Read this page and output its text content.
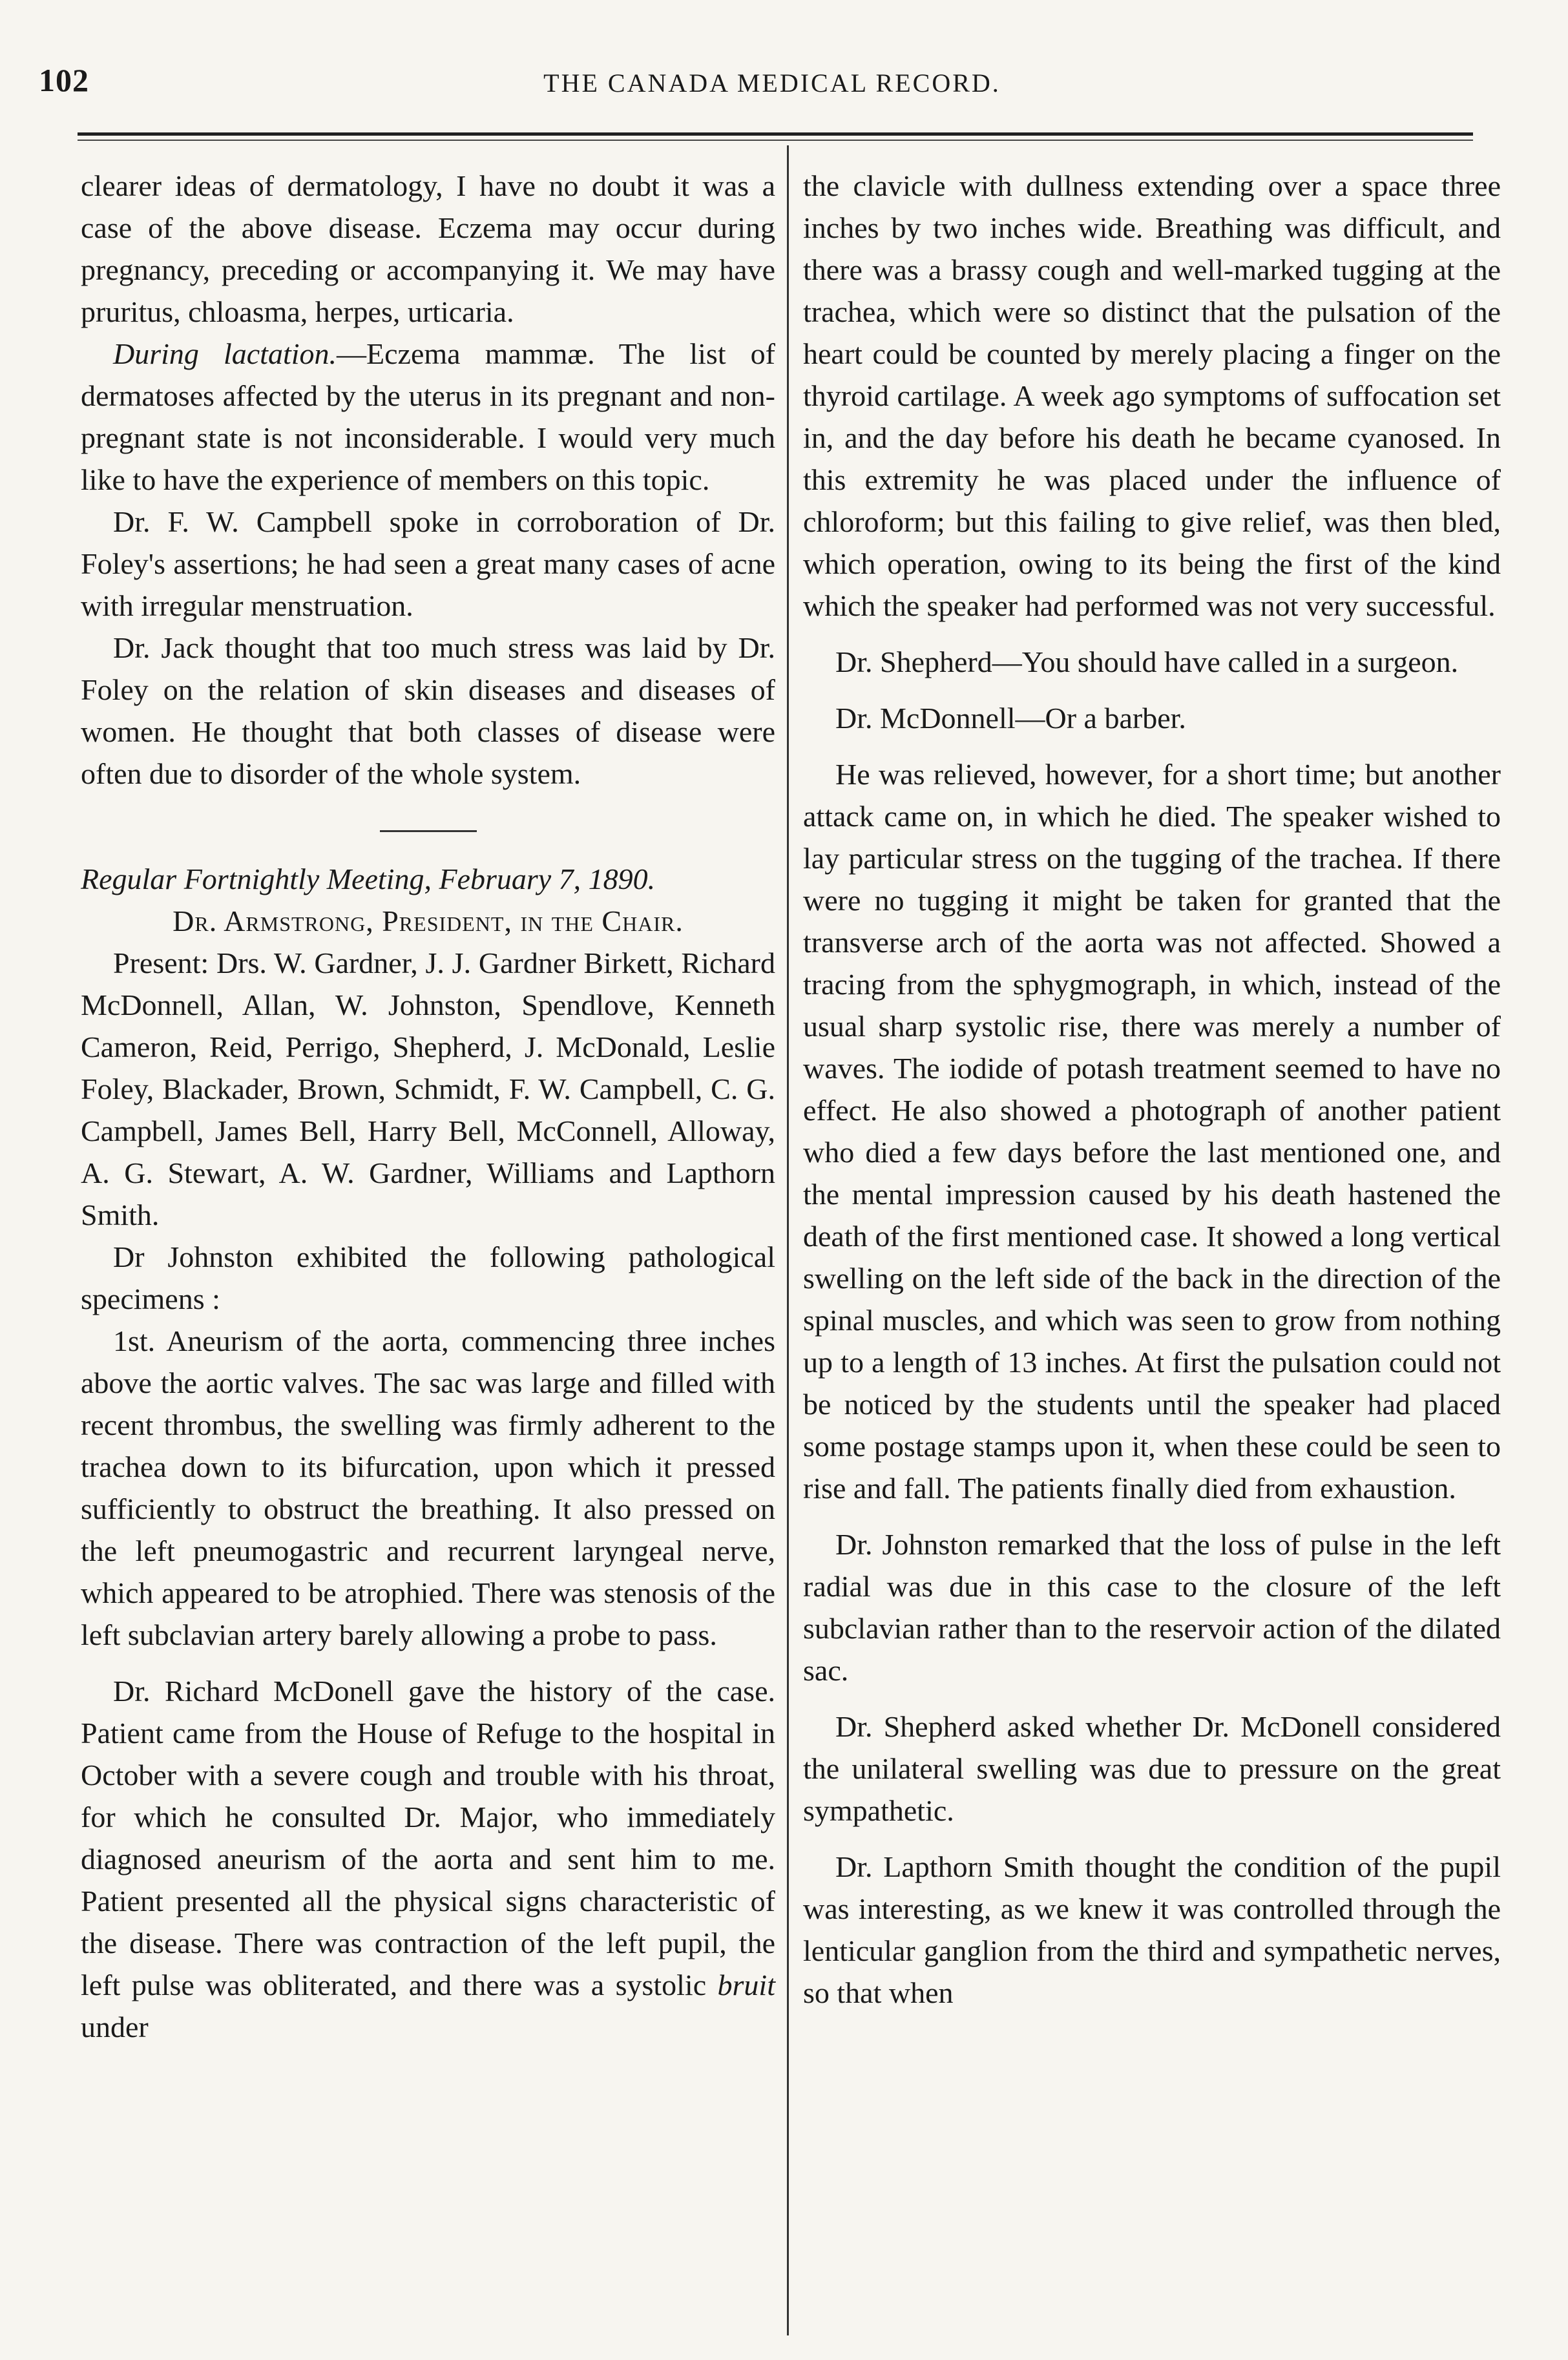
102	THE CANADA MEDICAL RECORD.

clearer ideas of dermatology, I have no doubt it was a case of the above disease. Eczema may occur during pregnancy, preceding or accompanying it. We may have pruritus, chloasma, herpes, urticaria.

During lactation.—Eczema mammæ. The list of dermatoses affected by the uterus in its pregnant and non-pregnant state is not inconsiderable. I would very much like to have the experience of members on this topic.

Dr. F. W. Campbell spoke in corroboration of Dr. Foley's assertions; he had seen a great many cases of acne with irregular menstruation.

Dr. Jack thought that too much stress was laid by Dr. Foley on the relation of skin diseases and diseases of women. He thought that both classes of disease were often due to disorder of the whole system.

Regular Fortnightly Meeting, February 7, 1890.

Dr. Armstrong, President, in the Chair.

Present: Drs. W. Gardner, J. J. Gardner Birkett, Richard McDonnell, Allan, W. Johnston, Spendlove, Kenneth Cameron, Reid, Perrigo, Shepherd, J. McDonald, Leslie Foley, Blackader, Brown, Schmidt, F. W. Campbell, C. G. Campbell, James Bell, Harry Bell, McConnell, Alloway, A. G. Stewart, A. W. Gardner, Williams and Lapthorn Smith.

Dr Johnston exhibited the following pathological specimens :

1st. Aneurism of the aorta, commencing three inches above the aortic valves. The sac was large and filled with recent thrombus, the swelling was firmly adherent to the trachea down to its bifurcation, upon which it pressed sufficiently to obstruct the breathing. It also pressed on the left pneumogastric and recurrent laryngeal nerve, which appeared to be atrophied. There was stenosis of the left subclavian artery barely allowing a probe to pass.

Dr. Richard McDonell gave the history of the case. Patient came from the House of Refuge to the hospital in October with a severe cough and trouble with his throat, for which he consulted Dr. Major, who immediately diagnosed aneurism of the aorta and sent him to me. Patient presented all the physical signs characteristic of the disease. There was contraction of the left pupil, the left pulse was obliterated, and there was a systolic bruit under

the clavicle with dullness extending over a space three inches by two inches wide. Breathing was difficult, and there was a brassy cough and well-marked tugging at the trachea, which were so distinct that the pulsation of the heart could be counted by merely placing a finger on the thyroid cartilage. A week ago symptoms of suffocation set in, and the day before his death he became cyanosed. In this extremity he was placed under the influence of chloroform; but this failing to give relief, was then bled, which operation, owing to its being the first of the kind which the speaker had performed was not very successful.

Dr. Shepherd—You should have called in a surgeon.

Dr. McDonnell—Or a barber.

He was relieved, however, for a short time; but another attack came on, in which he died. The speaker wished to lay particular stress on the tugging of the trachea. If there were no tugging it might be taken for granted that the transverse arch of the aorta was not affected. Showed a tracing from the sphygmograph, in which, instead of the usual sharp systolic rise, there was merely a number of waves. The iodide of potash treatment seemed to have no effect. He also showed a photograph of another patient who died a few days before the last mentioned one, and the mental impression caused by his death hastened the death of the first mentioned case. It showed a long vertical swelling on the left side of the back in the direction of the spinal muscles, and which was seen to grow from nothing up to a length of 13 inches. At first the pulsation could not be noticed by the students until the speaker had placed some postage stamps upon it, when these could be seen to rise and fall. The patients finally died from exhaustion.

Dr. Johnston remarked that the loss of pulse in the left radial was due in this case to the closure of the left subclavian rather than to the reservoir action of the dilated sac.

Dr. Shepherd asked whether Dr. McDonell considered the unilateral swelling was due to pressure on the great sympathetic.

Dr. Lapthorn Smith thought the condition of the pupil was interesting, as we knew it was controlled through the lenticular ganglion from the third and sympathetic nerves, so that when
